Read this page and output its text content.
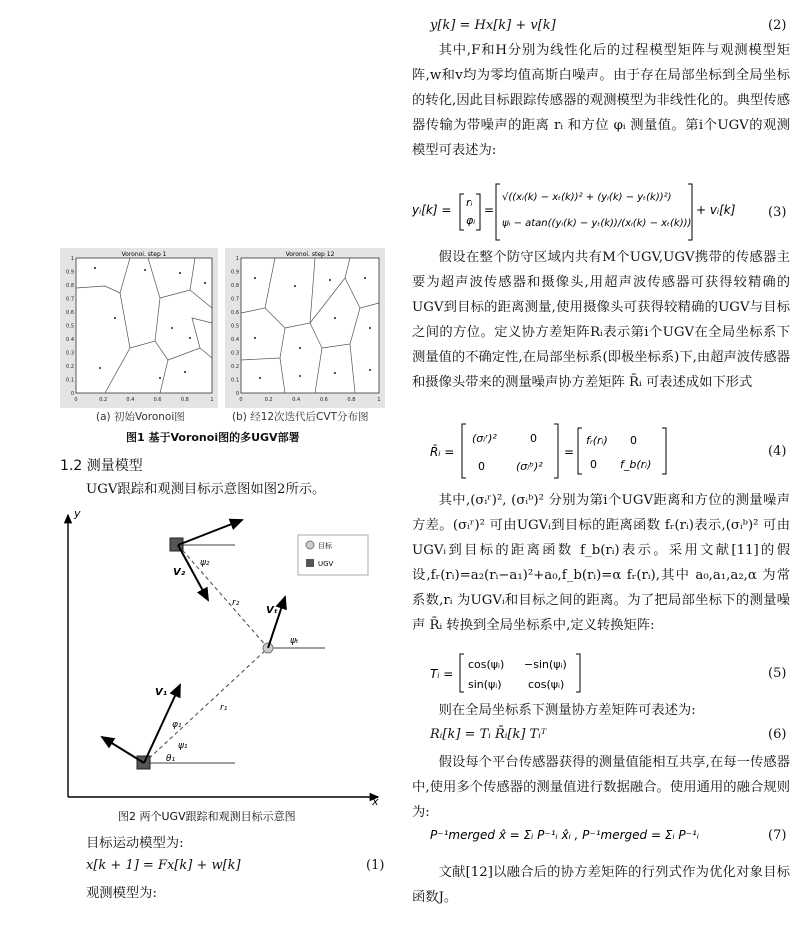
Voronoi. step 1
1
0.9
0.8
0.7
0.6
0.5
0.4
0.3
0.2
0.1
0
0	0.2	0.4	0.6	0.8	1
Voronoi. step 12
1
0.9
0.8
0.7
0.6
0.5
0.4
0.3
0.2
0.1
0
0	0.2	0.4	0.6	0.8	1
(a) 初始Voronoi图	(b) 经12次迭代后CVT分布图
图1 基于Voronoi图的多UGV部署
1.2 测量模型
UGV跟踪和观测目标示意图如图2所示。
y
x
ψ₂
V₂
r₂
Vₜ
ψₜ
V₁
r₁
φ₁
ψ₁
θ₁
目标
UGV
图2 两个UGV跟踪和观测目标示意图
目标运动模型为:
x[k + 1] = Fx[k] + w[k]	(1)
观测模型为:
y[k] = Hx[k] + v[k]	(2)

其中,F和H分别为线性化后的过程模型矩阵与观测模型矩阵,w和v均为零均值高斯白噪声。由于存在局部坐标到全局坐标的转化,因此目标跟踪传感器的观测模型为非线性化的。典型传感器传输为带噪声的距离 rᵢ 和方位 φᵢ 测量值。第i个UGV的观测模型可表述为:

yᵢ[k] =
rᵢ
φᵢ
=
√((xᵢ(k) − xₜ(k))² + (yᵢ(k) − yₜ(k))²)
ψᵢ − atan((yᵢ(k) − yₜ(k))/(xᵢ(k) − xₜ(k)))
+ vᵢ[k]	(3)

假设在整个防守区域内共有M个UGV,UGV携带的传感器主要为超声波传感器和摄像头,用超声波传感器可获得较精确的UGV到目标的距离测量,使用摄像头可获得较精确的UGV与目标之间的方位。定义协方差矩阵Rᵢ表示第i个UGV在全局坐标系下测量值的不确定性,在局部坐标系(即极坐标系)下,由超声波传感器和摄像头带来的测量噪声协方差矩阵 R̄ᵢ 可表述成如下形式

R̄ᵢ =
(σᵢʳ)²	0
0	(σᵢᵇ)²
=
fᵣ(rᵢ) 0
0 f_b(rᵢ)
(4)

其中,(σᵢʳ)², (σᵢᵇ)² 分别为第i个UGV距离和方位的测量噪声方差。(σᵢʳ)² 可由UGVᵢ到目标的距离函数 fᵣ(rᵢ)表示,(σᵢᵇ)² 可由UGVᵢ到目标的距离函数 f_b(rᵢ)表示。采用文献[11]的假设,fᵣ(rᵢ)=a₂(rᵢ−a₁)²+a₀,f_b(rᵢ)=α fᵣ(rᵢ),其中 a₀,a₁,a₂,α 为常系数,rᵢ 为UGVᵢ和目标之间的距离。为了把局部坐标下的测量噪声 R̄ᵢ 转换到全局坐标系中,定义转换矩阵:

Tᵢ =
cos(ψᵢ) −sin(ψᵢ)
sin(ψᵢ) cos(ψᵢ)
(5)

则在全局坐标系下测量协方差矩阵可表述为:

Rᵢ[k] = Tᵢ R̄ᵢ[k] Tᵢᵀ	(6)

假设每个平台传感器获得的测量值能相互共享,在每一传感器中,使用多个传感器的测量值进行数据融合。使用通用的融合规则为:

P⁻¹merged x̂ = Σᵢ P⁻¹ᵢ x̂ᵢ , P⁻¹merged = Σᵢ P⁻¹ᵢ	(7)

文献[12]以融合后的协方差矩阵的行列式作为优化对象目标函数J。
